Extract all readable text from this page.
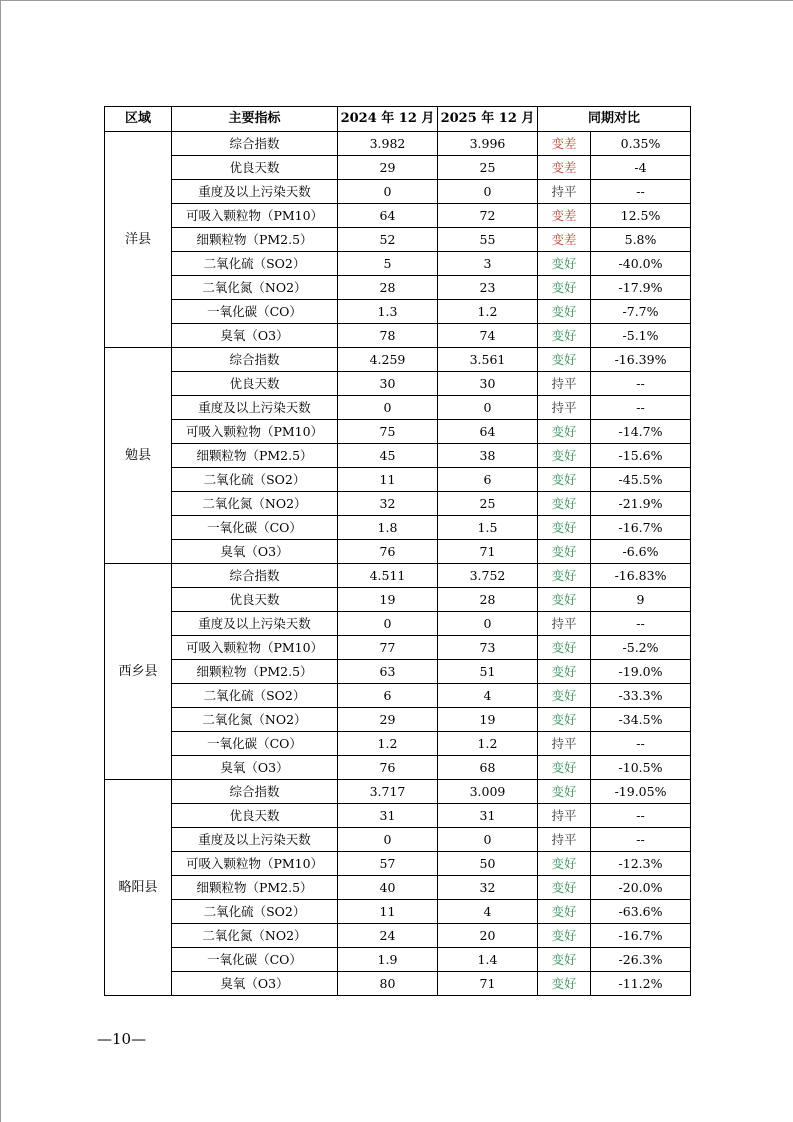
区域	主要指标	2024 年 12 月	2025 年 12 月	同期对比	
洋县	综合指数	3.982	3.996	变差	0.35%
	优良天数	29	25	变差	-4
	重度及以上污染天数	0	0	持平	--
	可吸入颗粒物（PM10）	64	72	变差	12.5%
	细颗粒物（PM2.5）	52	55	变差	5.8%
	二氧化硫（SO2）	5	3	变好	-40.0%
	二氧化氮（NO2）	28	23	变好	-17.9%
	一氧化碳（CO）	1.3	1.2	变好	-7.7%
	臭氧（O3）	78	74	变好	-5.1%
勉县	综合指数	4.259	3.561	变好	-16.39%
	优良天数	30	30	持平	--
	重度及以上污染天数	0	0	持平	--
	可吸入颗粒物（PM10）	75	64	变好	-14.7%
	细颗粒物（PM2.5）	45	38	变好	-15.6%
	二氧化硫（SO2）	11	6	变好	-45.5%
	二氧化氮（NO2）	32	25	变好	-21.9%
	一氧化碳（CO）	1.8	1.5	变好	-16.7%
	臭氧（O3）	76	71	变好	-6.6%
西乡县	综合指数	4.511	3.752	变好	-16.83%
	优良天数	19	28	变好	9
	重度及以上污染天数	0	0	持平	--
	可吸入颗粒物（PM10）	77	73	变好	-5.2%
	细颗粒物（PM2.5）	63	51	变好	-19.0%
	二氧化硫（SO2）	6	4	变好	-33.3%
	二氧化氮（NO2）	29	19	变好	-34.5%
	一氧化碳（CO）	1.2	1.2	持平	--
	臭氧（O3）	76	68	变好	-10.5%
略阳县	综合指数	3.717	3.009	变好	-19.05%
	优良天数	31	31	持平	--
	重度及以上污染天数	0	0	持平	--
	可吸入颗粒物（PM10）	57	50	变好	-12.3%
	细颗粒物（PM2.5）	40	32	变好	-20.0%
	二氧化硫（SO2）	11	4	变好	-63.6%
	二氧化氮（NO2）	24	20	变好	-16.7%
	一氧化碳（CO）	1.9	1.4	变好	-26.3%
	臭氧（O3）	80	71	变好	-11.2%
—10—
